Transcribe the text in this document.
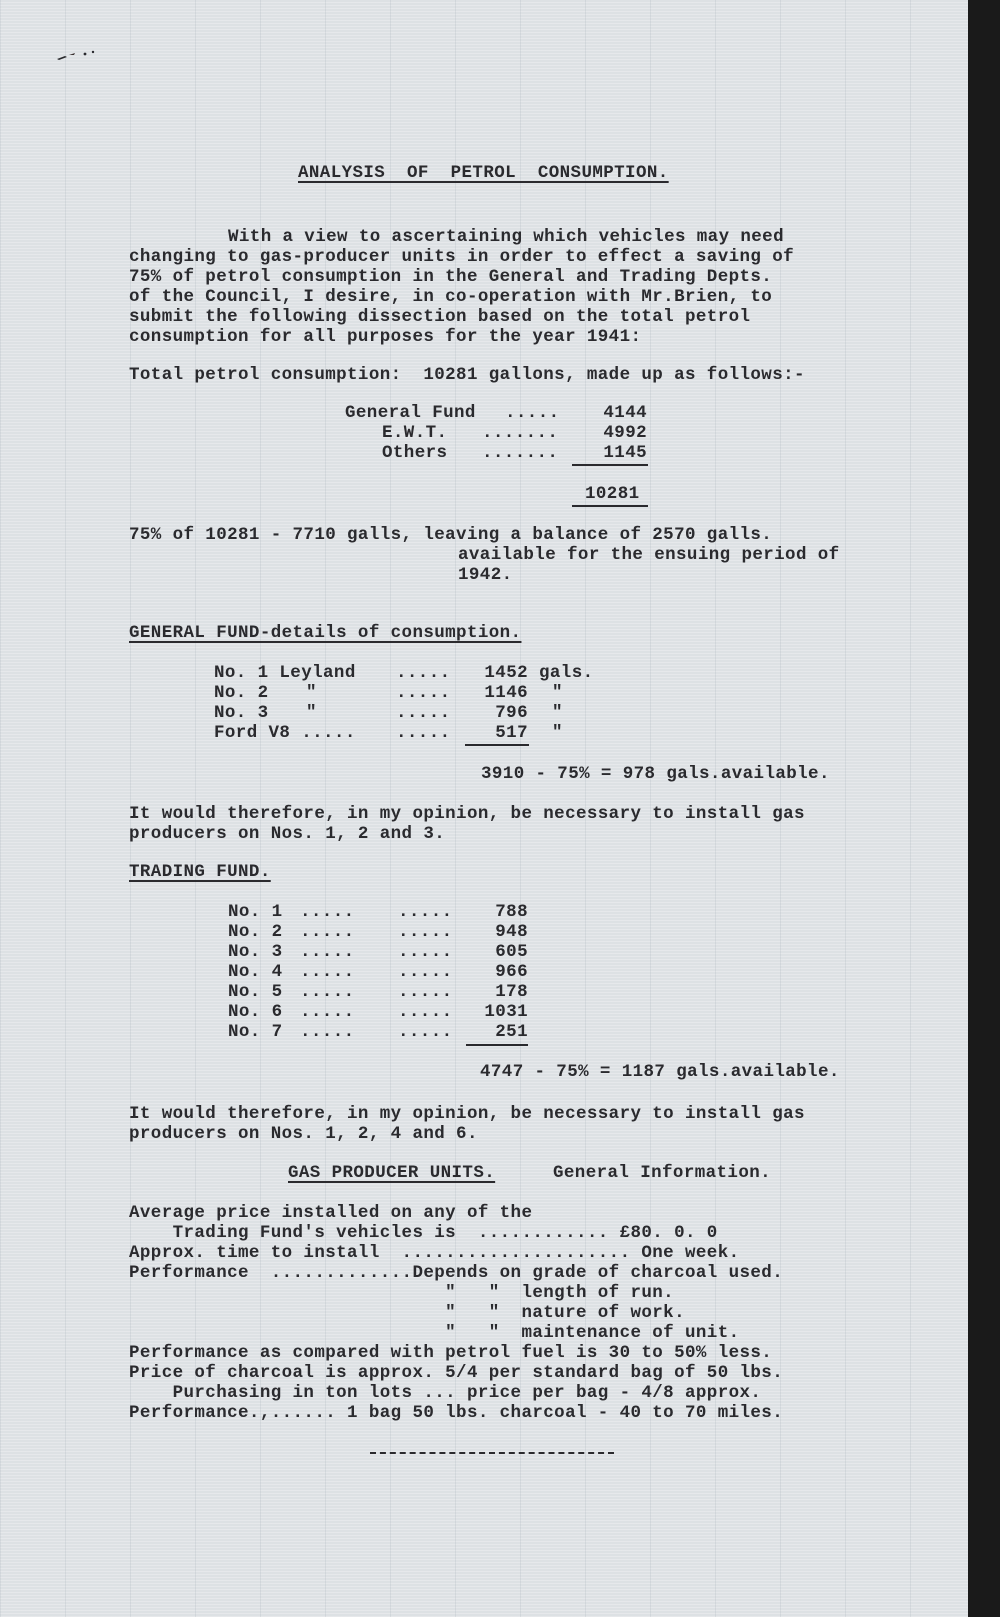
ANALYSIS  OF  PETROL  CONSUMPTION.
With a view to ascertaining which vehicles may need
changing to gas-producer units in order to effect a saving of
75% of petrol consumption in the General and Trading Depts.
of the Council, I desire, in co-operation with Mr.Brien, to
submit the following dissection based on the total petrol
consumption for all purposes for the year 1941:
Total petrol consumption:  10281 gallons, made up as follows:-
General Fund .....	4144
E.W.T. .......	4992
Others .......	1145
10281
75% of 10281 - 7710 galls, leaving a balance of 2570 galls.
available for the ensuing period of
1942.
GENERAL FUND-details of consumption.
No. 1 Leyland .....	1452 gals.
No. 2 "	.....	1146 "
No. 3 "	.....	796 "
Ford V8 ..... .....	517 "
3910 - 75% = 978 gals.available.
It would therefore, in my opinion, be necessary to install gas
producers on Nos. 1, 2 and 3.
TRADING FUND.
No. 1 ..... .....	788
No. 2 ..... .....	948
No. 3 ..... .....	605
No. 4 ..... .....	966
No. 5 ..... .....	178
No. 6 ..... .....	1031
No. 7 ..... .....	251
4747 - 75% = 1187 gals.available.
It would therefore, in my opinion, be necessary to install gas
producers on Nos. 1, 2, 4 and 6.
GAS PRODUCER UNITS.	General Information.
Average price installed on any of the
Trading Fund's vehicles is  ............ £80. 0. 0
Approx. time to install  ..................... One week.
Performance  .............Depends on grade of charcoal used.
"   "  length of run.
"   "  nature of work.
"   "  maintenance of unit.
Performance as compared with petrol fuel is 30 to 50% less.
Price of charcoal is approx. 5/4 per standard bag of 50 lbs.
Purchasing in ton lots ... price per bag - 4/8 approx.
Performance.,...... 1 bag 50 lbs. charcoal - 40 to 70 miles.
